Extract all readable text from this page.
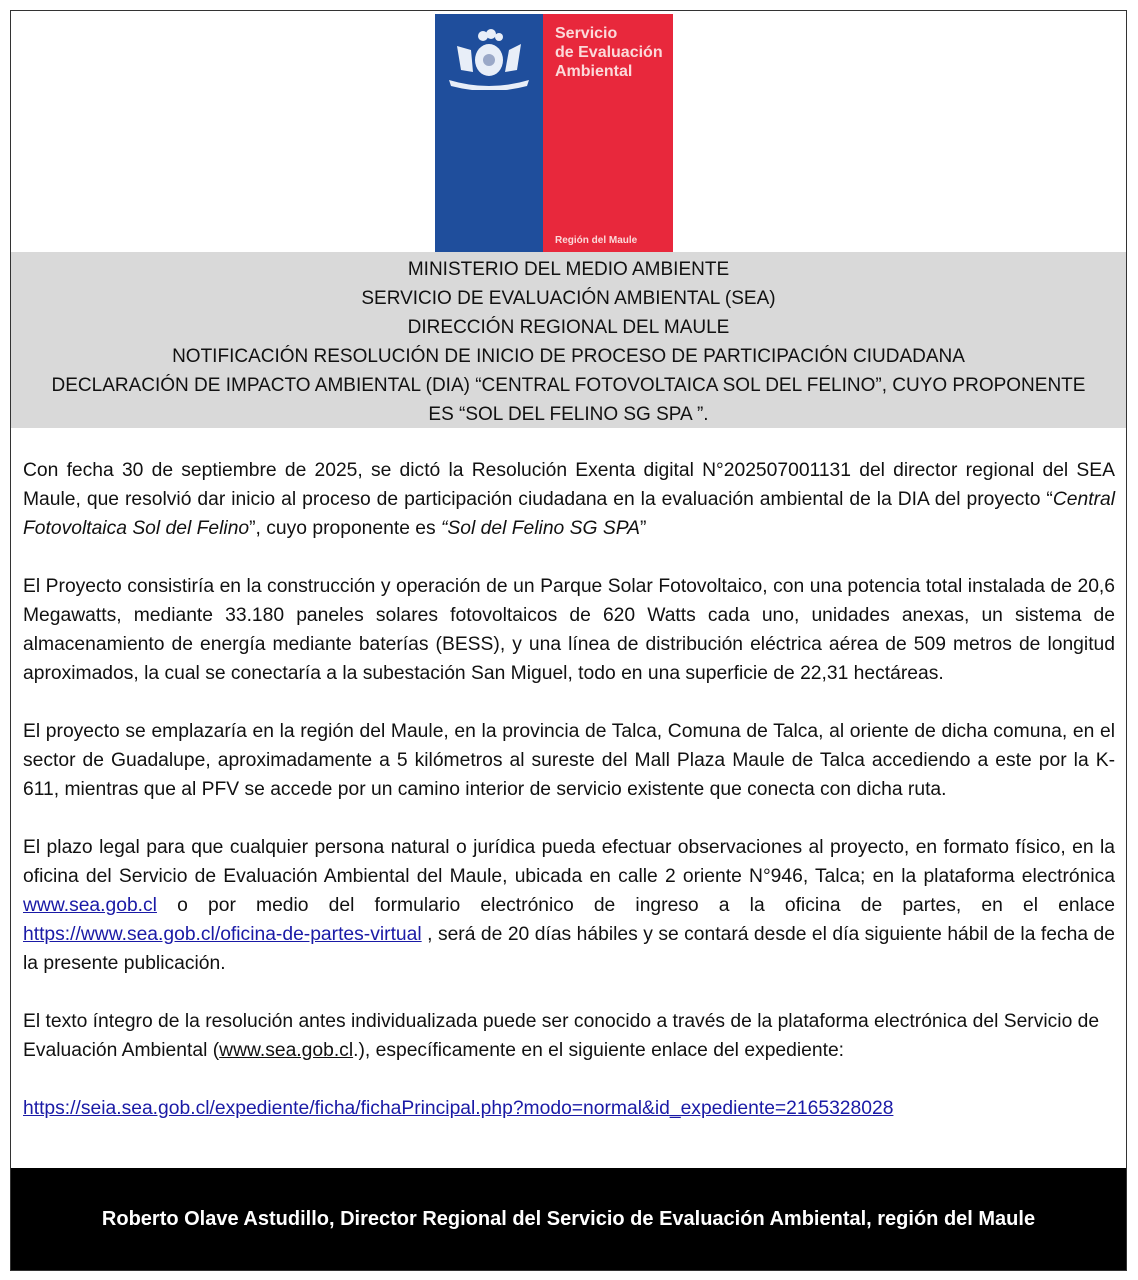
Servicio
de Evaluación
Ambiental
Región del Maule
MINISTERIO DEL MEDIO AMBIENTE
SERVICIO DE EVALUACIÓN AMBIENTAL (SEA)
DIRECCIÓN REGIONAL DEL MAULE
NOTIFICACIÓN RESOLUCIÓN DE INICIO DE PROCESO DE PARTICIPACIÓN CIUDADANA
DECLARACIÓN DE IMPACTO AMBIENTAL (DIA) “CENTRAL FOTOVOLTAICA SOL DEL FELINO”, CUYO PROPONENTE
ES “SOL DEL FELINO SG SPA ”.

Con fecha 30 de septiembre de 2025, se dictó la Resolución Exenta digital N°202507001131 del director regional del SEA Maule, que resolvió dar inicio al proceso de participación ciudadana en la evaluación ambiental de la DIA del proyecto “Central Fotovoltaica Sol del Felino”, cuyo proponente es “Sol del Felino SG SPA”

El Proyecto consistiría en la construcción y operación de un Parque Solar Fotovoltaico, con una potencia total instalada de 20,6 Megawatts, mediante 33.180 paneles solares fotovoltaicos de 620 Watts cada uno, unidades anexas, un sistema de almacenamiento de energía mediante baterías (BESS), y una línea de distribución eléctrica aérea de 509 metros de longitud aproximados, la cual se conectaría a la subestación San Miguel, todo en una superficie de 22,31 hectáreas.

El proyecto se emplazaría en la región del Maule, en la provincia de Talca, Comuna de Talca, al oriente de dicha comuna, en el sector de Guadalupe, aproximadamente a 5 kilómetros al sureste del Mall Plaza Maule de Talca accediendo a este por la K-611, mientras que al PFV se accede por un camino interior de servicio existente que conecta con dicha ruta.

El plazo legal para que cualquier persona natural o jurídica pueda efectuar observaciones al proyecto, en formato físico, en la oficina del Servicio de Evaluación Ambiental del Maule, ubicada en calle 2 oriente N°946, Talca; en la plataforma electrónica www.sea.gob.cl o por medio del formulario electrónico de ingreso a la oficina de partes, en el enlace https://www.sea.gob.cl/oficina-de-partes-virtual , será de 20 días hábiles y se contará desde el día siguiente hábil de la fecha de la presente publicación.

El texto íntegro de la resolución antes individualizada puede ser conocido a través de la plataforma electrónica del Servicio de Evaluación Ambiental (www.sea.gob.cl.), específicamente en el siguiente enlace del expediente:

https://seia.sea.gob.cl/expediente/ficha/fichaPrincipal.php?modo=normal&id_expediente=2165328028

Roberto Olave Astudillo, Director Regional del Servicio de Evaluación Ambiental, región del Maule
